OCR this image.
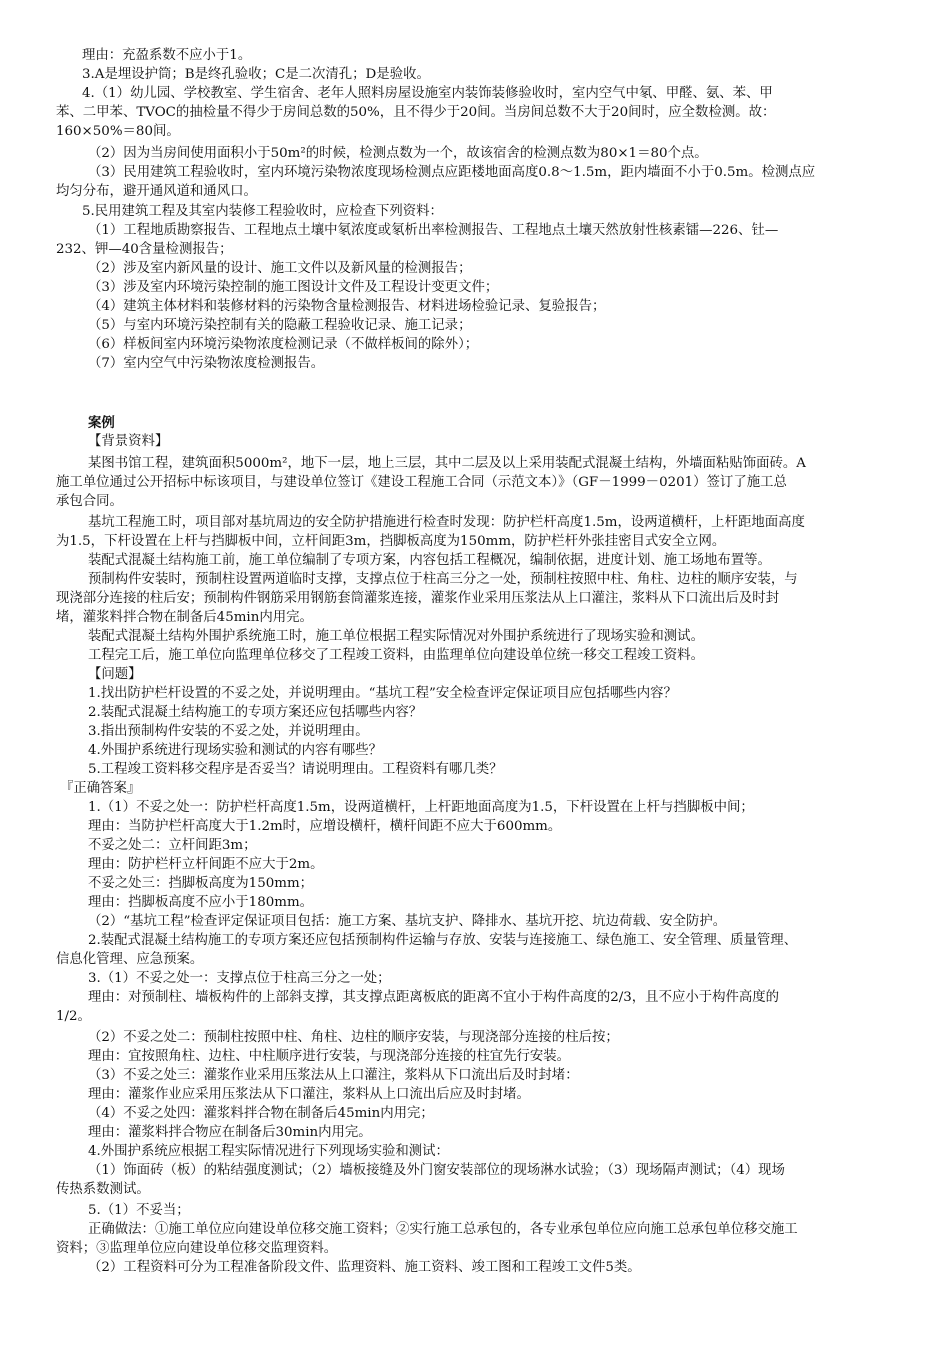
理由：充盈系数不应小于1。
3.A是埋设护筒；B是终孔验收；C是二次清孔；D是验收。
4.（1）幼儿园、学校教室、学生宿舍、老年人照料房屋设施室内装饰装修验收时，室内空气中氡、甲醛、氨、苯、甲
苯、二甲苯、TVOC的抽检量不得少于房间总数的50%，且不得少于20间。当房间总数不大于20间时，应全数检测。故：
160×50%＝80间。
（2）因为当房间使用面积小于50m²的时候，检测点数为一个，故该宿舍的检测点数为80×1＝80个点。
（3）民用建筑工程验收时，室内环境污染物浓度现场检测点应距楼地面高度0.8～1.5m，距内墙面不小于0.5m。检测点应
均匀分布，避开通风道和通风口。
5.民用建筑工程及其室内装修工程验收时，应检查下列资料：
（1）工程地质勘察报告、工程地点土壤中氡浓度或氡析出率检测报告、工程地点土壤天然放射性核素镭—226、钍—
232、钾—40含量检测报告；
（2）涉及室内新风量的设计、施工文件以及新风量的检测报告；
（3）涉及室内环境污染控制的施工图设计文件及工程设计变更文件；
（4）建筑主体材料和装修材料的污染物含量检测报告、材料进场检验记录、复验报告；
（5）与室内环境污染控制有关的隐蔽工程验收记录、施工记录；
（6）样板间室内环境污染物浓度检测记录（不做样板间的除外）；
（7）室内空气中污染物浓度检测报告。
案例
【背景资料】
某图书馆工程，建筑面积5000m²，地下一层，地上三层，其中二层及以上采用装配式混凝土结构，外墙面粘贴饰面砖。A
施工单位通过公开招标中标该项目，与建设单位签订《建设工程施工合同（示范文本）》（GF－1999－0201）签订了施工总
承包合同。
基坑工程施工时，项目部对基坑周边的安全防护措施进行检查时发现：防护栏杆高度1.5m，设两道横杆，上杆距地面高度
为1.5，下杆设置在上杆与挡脚板中间，立杆间距3m，挡脚板高度为150mm，防护栏杆外张挂密目式安全立网。
装配式混凝土结构施工前，施工单位编制了专项方案，内容包括工程概况，编制依据，进度计划、施工场地布置等。
预制构件安装时，预制柱设置两道临时支撑，支撑点位于柱高三分之一处，预制柱按照中柱、角柱、边柱的顺序安装，与
现浇部分连接的柱后安；预制构件钢筋采用钢筋套筒灌浆连接，灌浆作业采用压浆法从上口灌注，浆料从下口流出后及时封
堵，灌浆料拌合物在制备后45min内用完。
装配式混凝土结构外围护系统施工时，施工单位根据工程实际情况对外围护系统进行了现场实验和测试。
工程完工后，施工单位向监理单位移交了工程竣工资料，由监理单位向建设单位统一移交工程竣工资料。
【问题】
1.找出防护栏杆设置的不妥之处，并说明理由。“基坑工程”安全检查评定保证项目应包括哪些内容？
2.装配式混凝土结构施工的专项方案还应包括哪些内容？
3.指出预制构件安装的不妥之处，并说明理由。
4.外围护系统进行现场实验和测试的内容有哪些？
5.工程竣工资料移交程序是否妥当？请说明理由。工程资料有哪几类？
『正确答案』
1.（1）不妥之处一：防护栏杆高度1.5m，设两道横杆，上杆距地面高度为1.5，下杆设置在上杆与挡脚板中间；
理由：当防护栏杆高度大于1.2m时，应增设横杆，横杆间距不应大于600mm。
不妥之处二：立杆间距3m；
理由：防护栏杆立杆间距不应大于2m。
不妥之处三：挡脚板高度为150mm；
理由：挡脚板高度不应小于180mm。
（2）“基坑工程”检查评定保证项目包括：施工方案、基坑支护、降排水、基坑开挖、坑边荷载、安全防护。
2.装配式混凝土结构施工的专项方案还应包括预制构件运输与存放、安装与连接施工、绿色施工、安全管理、质量管理、
信息化管理、应急预案。
3.（1）不妥之处一：支撑点位于柱高三分之一处；
理由：对预制柱、墙板构件的上部斜支撑，其支撑点距离板底的距离不宜小于构件高度的2/3，且不应小于构件高度的
1/2。
（2）不妥之处二：预制柱按照中柱、角柱、边柱的顺序安装，与现浇部分连接的柱后按；
理由：宜按照角柱、边柱、中柱顺序进行安装，与现浇部分连接的柱宜先行安装。
（3）不妥之处三：灌浆作业采用压浆法从上口灌注，浆料从下口流出后及时封堵：
理由：灌浆作业应采用压浆法从下口灌注，浆料从上口流出后应及时封堵。
（4）不妥之处四：灌浆料拌合物在制备后45min内用完；
理由：灌浆料拌合物应在制备后30min内用完。
4.外围护系统应根据工程实际情况进行下列现场实验和测试：
（1）饰面砖（板）的粘结强度测试；（2）墙板接缝及外门窗安装部位的现场淋水试验；（3）现场隔声测试；（4）现场
传热系数测试。
5.（1）不妥当；
正确做法：①施工单位应向建设单位移交施工资料；②实行施工总承包的，各专业承包单位应向施工总承包单位移交施工
资料；③监理单位应向建设单位移交监理资料。
（2）工程资料可分为工程准备阶段文件、监理资料、施工资料、竣工图和工程竣工文件5类。
